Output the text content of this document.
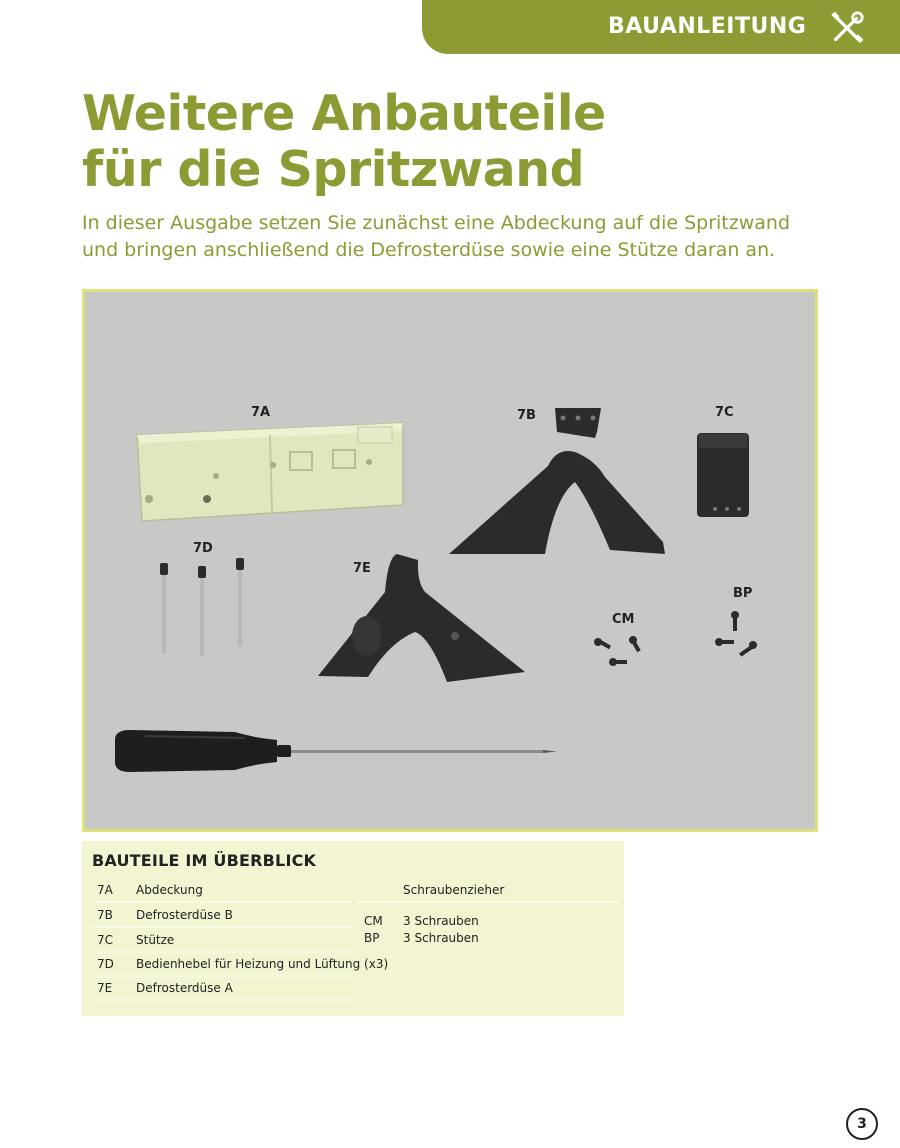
BAUANLEITUNG
Weitere Anbauteile
für die Spritzwand

In dieser Ausgabe setzen Sie zunächst eine Abdeckung auf die Spritzwand
und bringen anschließend die Defrosterdüse sowie eine Stütze daran an.

7A	7B	7C
7D
7E
CM
BP
BAUTEILE IM ÜBERBLICK
7A Abdeckung
7B Defrosterdüse B
7C Stütze
7D Bedienhebel für Heizung und Lüftung (x3)
7E Defrosterdüse A
Schraubenzieher
CM 3 Schrauben
BP 3 Schrauben
3
